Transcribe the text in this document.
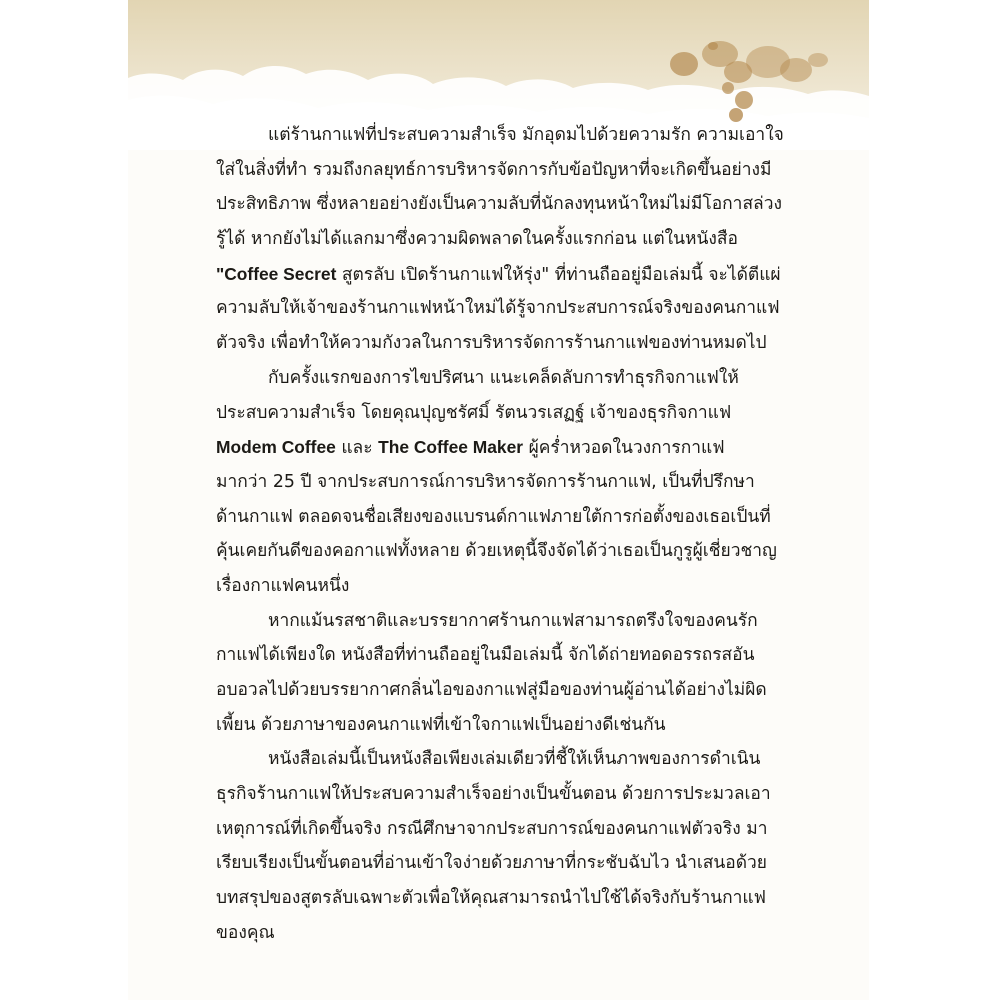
แต่ร้านกาแฟที่ประสบความสำเร็จ มักอุดมไปด้วยความรัก ความเอาใจ
ใส่ในสิ่งที่ทำ รวมถึงกลยุทธ์การบริหารจัดการกับข้อปัญหาที่จะเกิดขึ้นอย่างมี
ประสิทธิภาพ ซึ่งหลายอย่างยังเป็นความลับที่นักลงทุนหน้าใหม่ไม่มีโอกาสล่วง
รู้ได้ หากยังไม่ได้แลกมาซึ่งความผิดพลาดในครั้งแรกก่อน แต่ในหนังสือ
"Coffee Secret สูตรลับ เปิดร้านกาแฟให้รุ่ง" ที่ท่านถืออยู่มือเล่มนี้ จะได้ตีแผ่
ความลับให้เจ้าของร้านกาแฟหน้าใหม่ได้รู้จากประสบการณ์จริงของคนกาแฟ
ตัวจริง เพื่อทำให้ความกังวลในการบริหารจัดการร้านกาแฟของท่านหมดไป
กับครั้งแรกของการไขปริศนา แนะเคล็ดลับการทำธุรกิจกาแฟให้
ประสบความสำเร็จ โดยคุณปุญชรัศมิ์ รัตนวรเสฏฐ์ เจ้าของธุรกิจกาแฟ
Modem Coffee และ The Coffee Maker ผู้คร่ำหวอดในวงการกาแฟ
มากว่า 25 ปี จากประสบการณ์การบริหารจัดการร้านกาแฟ, เป็นที่ปรึกษา
ด้านกาแฟ ตลอดจนชื่อเสียงของแบรนด์กาแฟภายใต้การก่อตั้งของเธอเป็นที่
คุ้นเคยกันดีของคอกาแฟทั้งหลาย ด้วยเหตุนี้จึงจัดได้ว่าเธอเป็นกูรูผู้เชี่ยวชาญ
เรื่องกาแฟคนหนึ่ง
หากแม้นรสชาติและบรรยากาศร้านกาแฟสามารถตรึงใจของคนรัก
กาแฟได้เพียงใด หนังสือที่ท่านถืออยู่ในมือเล่มนี้ จักได้ถ่ายทอดอรรถรสอัน
อบอวลไปด้วยบรรยากาศกลิ่นไอของกาแฟสู่มือของท่านผู้อ่านได้อย่างไม่ผิด
เพี้ยน ด้วยภาษาของคนกาแฟที่เข้าใจกาแฟเป็นอย่างดีเช่นกัน
หนังสือเล่มนี้เป็นหนังสือเพียงเล่มเดียวที่ชี้ให้เห็นภาพของการดำเนิน
ธุรกิจร้านกาแฟให้ประสบความสำเร็จอย่างเป็นขั้นตอน ด้วยการประมวลเอา
เหตุการณ์ที่เกิดขึ้นจริง กรณีศึกษาจากประสบการณ์ของคนกาแฟตัวจริง มา
เรียบเรียงเป็นขั้นตอนที่อ่านเข้าใจง่ายด้วยภาษาที่กระชับฉับไว นำเสนอด้วย
บทสรุปของสูตรลับเฉพาะตัวเพื่อให้คุณสามารถนำไปใช้ได้จริงกับร้านกาแฟ
ของคุณ
